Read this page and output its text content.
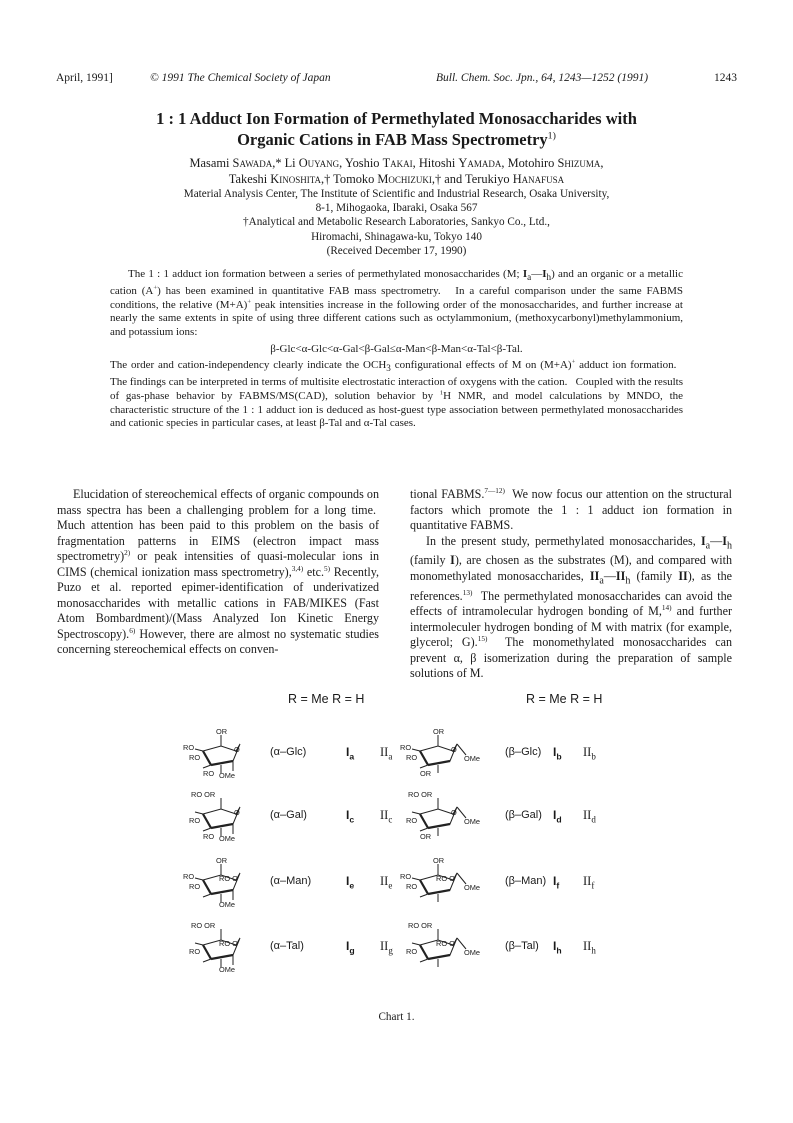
April, 1991]	© 1991 The Chemical Society of Japan	Bull. Chem. Soc. Jpn., 64, 1243—1252 (1991)	1243
1 : 1 Adduct Ion Formation of Permethylated Monosaccharides with
Organic Cations in FAB Mass Spectrometry$^{1)}$
Masami Sawada,* Li Ouyang, Yoshio Takai, Hitoshi Yamada, Motohiro Shizuma,
Takeshi Kinoshita,† Tomoko Mochizuki,† and Terukiyo Hanafusa
Material Analysis Center, The Institute of Scientific and Industrial Research, Osaka University,
8-1, Mihogaoka, Ibaraki, Osaka 567
†Analytical and Metabolic Research Laboratories, Sankyo Co., Ltd.,
Hiromachi, Shinagawa-ku, Tokyo 140
(Received December 17, 1990)

The 1 : 1 adduct ion formation between a series of permethylated monosaccharides (M; $I_a—I_h$) and an organic or a metallic cation (A+) has been examined in quantitative FAB mass spectrometry.   In a careful comparison under the same FABMS conditions, the relative (M+A)+ peak intensities increase in the following order of the monosaccharides, and further increase at nearly the same extents in spite of using three different cations such as octylammonium, (methoxycarbonyl)methylammonium, and potassium ions:

β-Glc<α-Glc<α-Gal<β-Gal≤α-Man<β-Man<α-Tal<β-Tal.

The order and cation-independency clearly indicate the $OCH_3$ configurational effects of M on (M+A)+ adduct ion formation.   The findings can be interpreted in terms of multisite electrostatic interaction of oxygens with the cation.   Coupled with the results of gas-phase behavior by FABMS/MS(CAD), solution behavior by $^1$H NMR, and model calculations by MNDO, the characteristic structure of the 1 : 1 adduct ion is deduced as host-guest type association between permethylated monosaccharides and cationic species in particular cases, at least β-Tal and α-Tal cases.

Elucidation of stereochemical effects of organic compounds on mass spectra has been a challenging problem for a long time.  Much attention has been paid to this problem on the basis of fragmentation patterns in EIMS (electron impact mass spectrometry)$^{2)}$ or peak intensities of quasi-molecular ions in CIMS (chemical ionization mass spectrometry),$^{3,4)}$ etc.$^{5)}$ Recently, Puzo et al. reported epimer-identification of underivatized monosaccharides with metallic cations in FAB/MIKES (Fast Atom Bombardment)/(Mass Analyzed Ion Kinetic Energy Spectroscopy).$^{6)}$ However, there are almost no systematic studies concerning stereochemical effects on conven-

tional FABMS.$^{7—12)}$  We now focus our attention on the structural factors which promote the 1 : 1 adduct ion formation in quantitative FABMS.

In the present study, permethylated monosaccharides, $I_a—I_h$ (family I), are chosen as the substrates (M), and compared with monomethylated monosaccharides, $II_a—II_h$ (family II), as the references.$^{13)}$  The permethylated monosaccharides can avoid the effects of intramolecular hydrogen bonding of M,$^{14)}$ and further intermoleculer hydrogen bonding of M with matrix (for example, glycerol; G).$^{15)}$  The monomethylated monosaccharides can prevent α, β isomerization during the preparation of sample solutions of M.

R = Me R = H	R = Me R = H
OR
RO
RO
O
RO OMe
(α–Glc)	$I_a$ $II_a$
OR
RO
RO
O
OR
OMe
(β–Glc) $I_b$ $II_b$
RO OR
RO
O
RO OMe
(α–Gal)	$I_c$ $II_c$
RO OR
RO
O
OR
OMe
(β–Gal) $I_d$ $II_d$
OR
RO
RO
RO O
OMe
(α–Man)	$I_e$ $II_e$
OR
RO
RO
RO O
OMe
(β–Man) $I_f$ $II_f$
RO OR
RO
RO O
OMe
(α–Tal)	$I_g$ $II_g$
RO OR
RO
RO O
OMe
(β–Tal) $I_h$ $II_h$
Chart 1.
